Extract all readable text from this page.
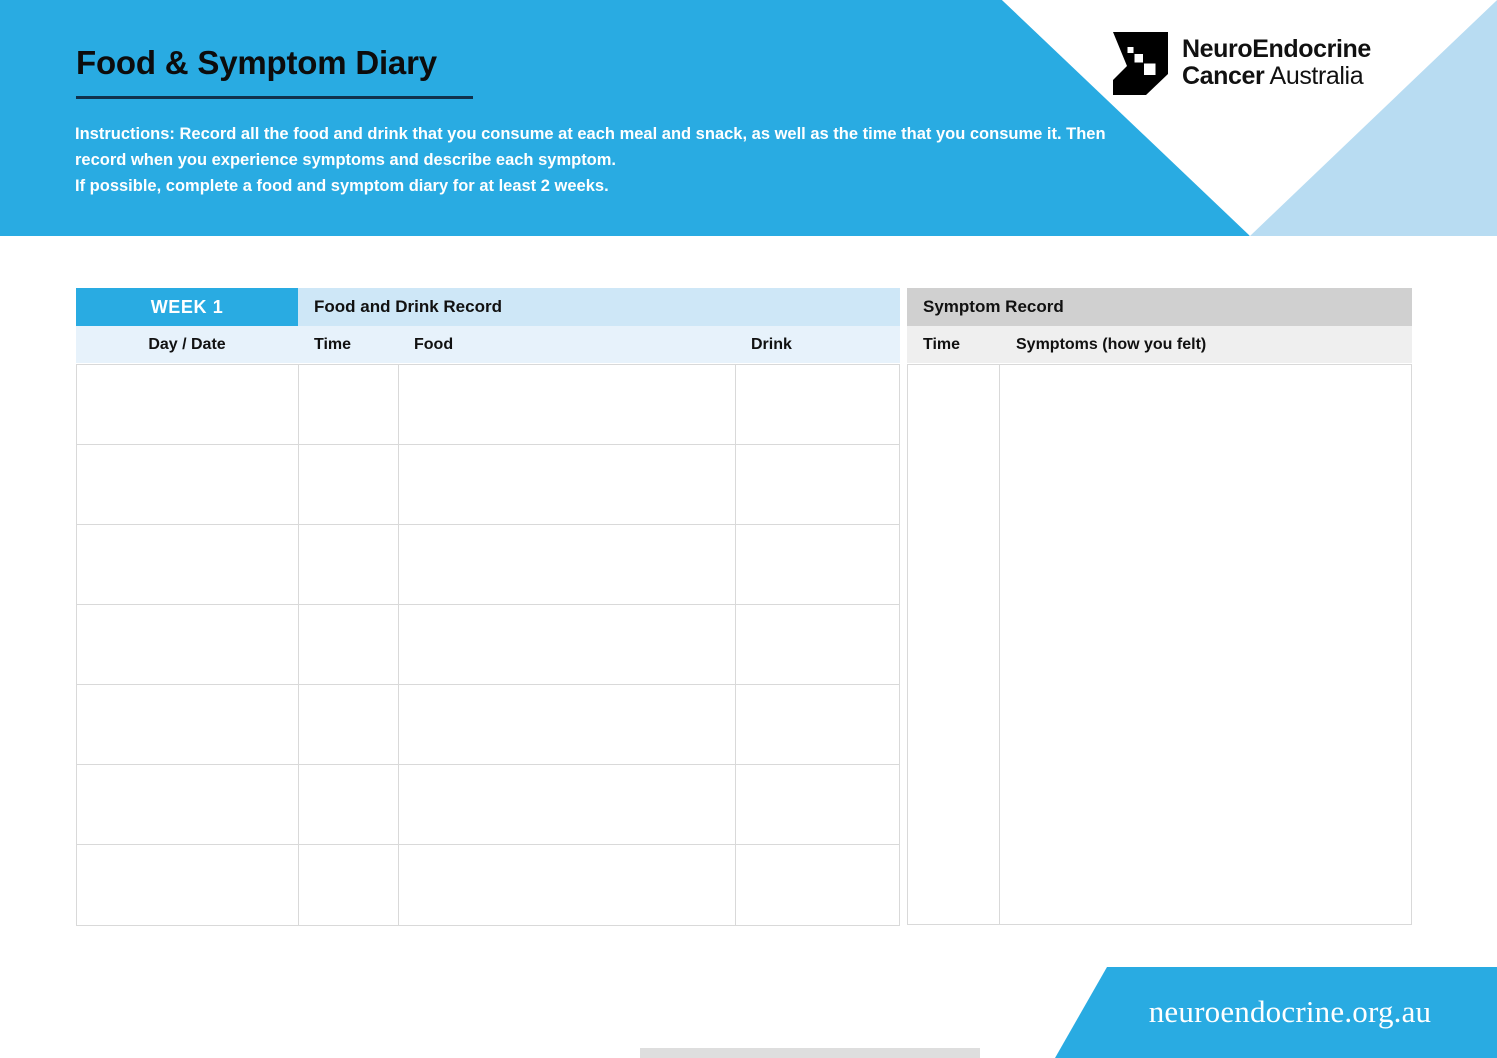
Food & Symptom Diary

Instructions: Record all the food and drink that you consume at each meal and snack, as well as the time that you consume it. Then record when you experience symptoms and describe each symptom.

If possible, complete a food and symptom diary for at least 2 weeks.

NeuroEndocrine
Cancer Australia
WEEK 1	Food and Drink Record	Symptom Record
Day / Date	Time	Food	Drink	Time	Symptoms (how you felt)
neuroendocrine.org.au
